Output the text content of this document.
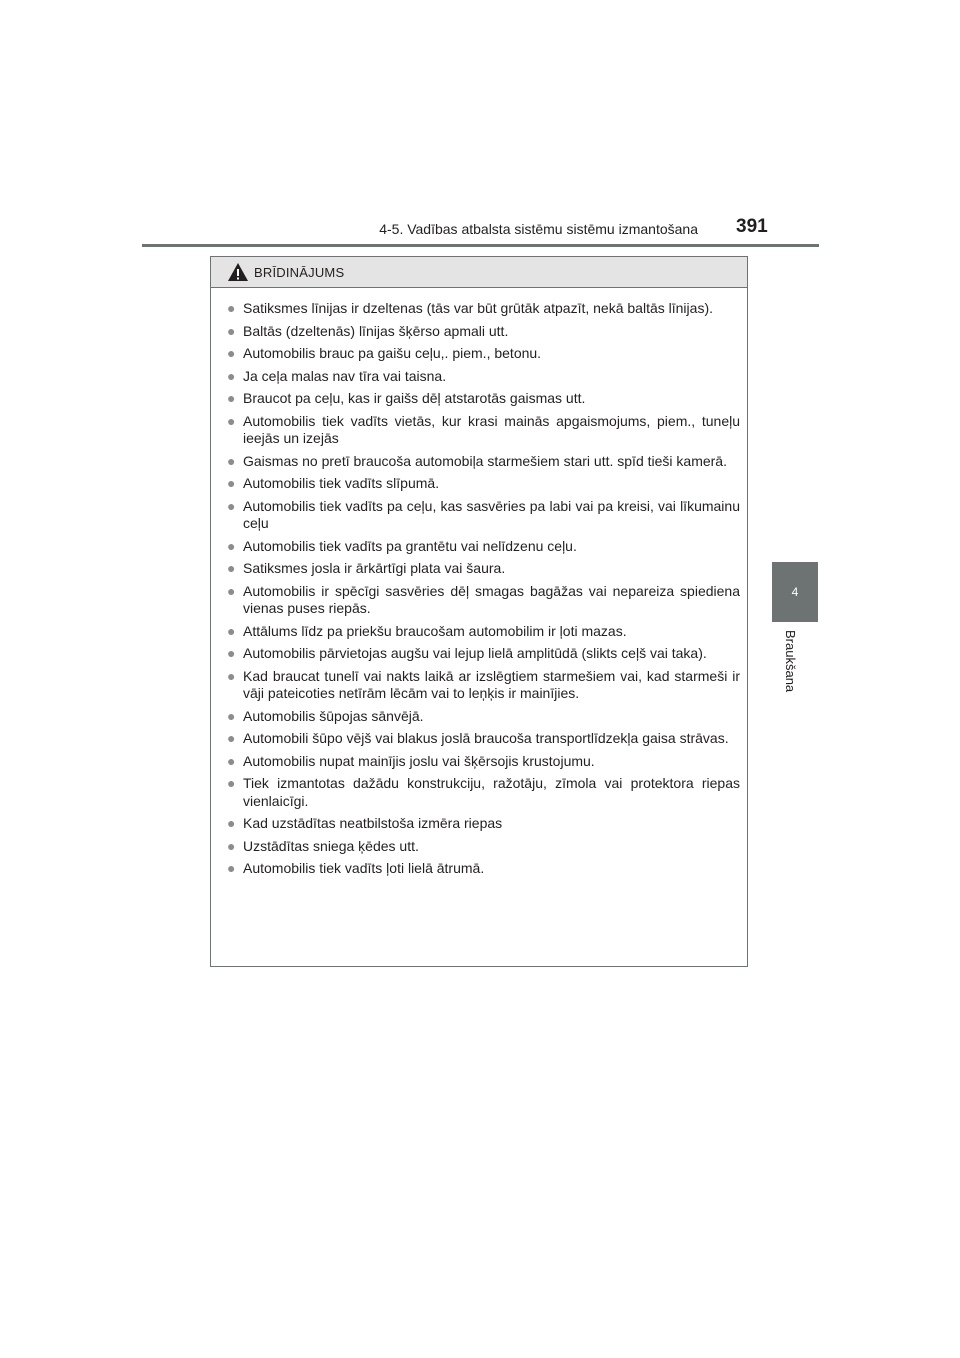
4-5. Vadības atbalsta sistēmu sistēmu izmantošana 391
4
Braukšana
BRĪDINĀJUMS
● Satiksmes līnijas ir dzeltenas (tās var būt grūtāk atpazīt, nekā baltās līnijas).
● Baltās (dzeltenās) līnijas šķērso apmali utt.
● Automobilis brauc pa gaišu ceļu,. piem., betonu.
● Ja ceļa malas nav tīra vai taisna.
● Braucot pa ceļu, kas ir gaišs dēļ atstarotās gaismas utt.
● Automobilis tiek vadīts vietās, kur krasi mainās apgaismojums, piem., tuneļu ieejās un izejās
● Gaismas no pretī braucoša automobiļa starmešiem stari utt. spīd tieši kamerā.
● Automobilis tiek vadīts slīpumā.
● Automobilis tiek vadīts pa ceļu, kas sasvēries pa labi vai pa kreisi, vai līkumainu ceļu
● Automobilis tiek vadīts pa grantētu vai nelīdzenu ceļu.
● Satiksmes josla ir ārkārtīgi plata vai šaura.
● Automobilis ir spēcīgi sasvēries dēļ smagas bagāžas vai nepareiza spiediena vienas puses riepās.
● Attālums līdz pa priekšu braucošam automobilim ir ļoti mazas.
● Automobilis pārvietojas augšu vai lejup lielā amplitūdā (slikts ceļš vai taka).
● Kad braucat tunelī vai nakts laikā ar izslēgtiem starmešiem vai, kad starmeši ir vāji pateicoties netīrām lēcām vai to leņķis ir mainījies.
● Automobilis šūpojas sānvējā.
● Automobili šūpo vējš vai blakus joslā braucoša transportlīdzekļa gaisa strāvas.
● Automobilis nupat mainījis joslu vai šķērsojis krustojumu.
● Tiek izmantotas dažādu konstrukciju, ražotāju, zīmola vai protektora riepas vienlaicīgi.
● Kad uzstādītas neatbilstoša izmēra riepas
● Uzstādītas sniega ķēdes utt.
● Automobilis tiek vadīts ļoti lielā ātrumā.
